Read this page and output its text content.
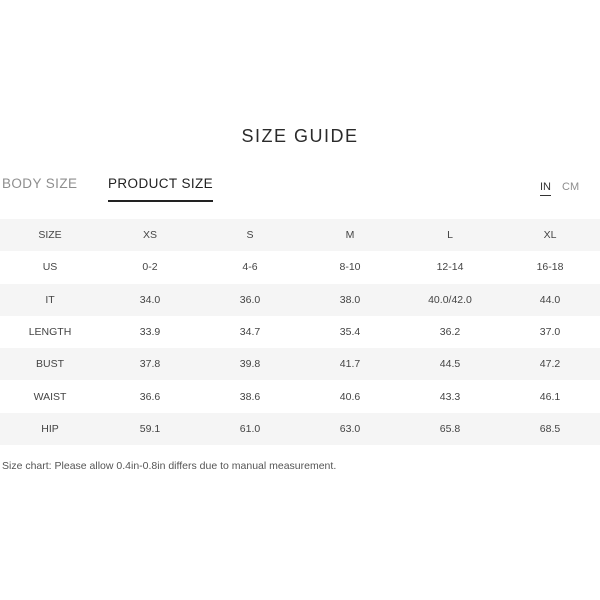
SIZE GUIDE
BODY SIZE PRODUCT SIZE	IN CM
SIZE	XS	S	M	L	XL
US	0-2	4-6	8-10	12-14	16-18
IT	34.0	36.0	38.0	40.0/42.0	44.0
LENGTH	33.9	34.7	35.4	36.2	37.0
BUST	37.8	39.8	41.7	44.5	47.2
WAIST	36.6	38.6	40.6	43.3	46.1
HIP	59.1	61.0	63.0	65.8	68.5
Size chart: Please allow 0.4in-0.8in differs due to manual measurement.
